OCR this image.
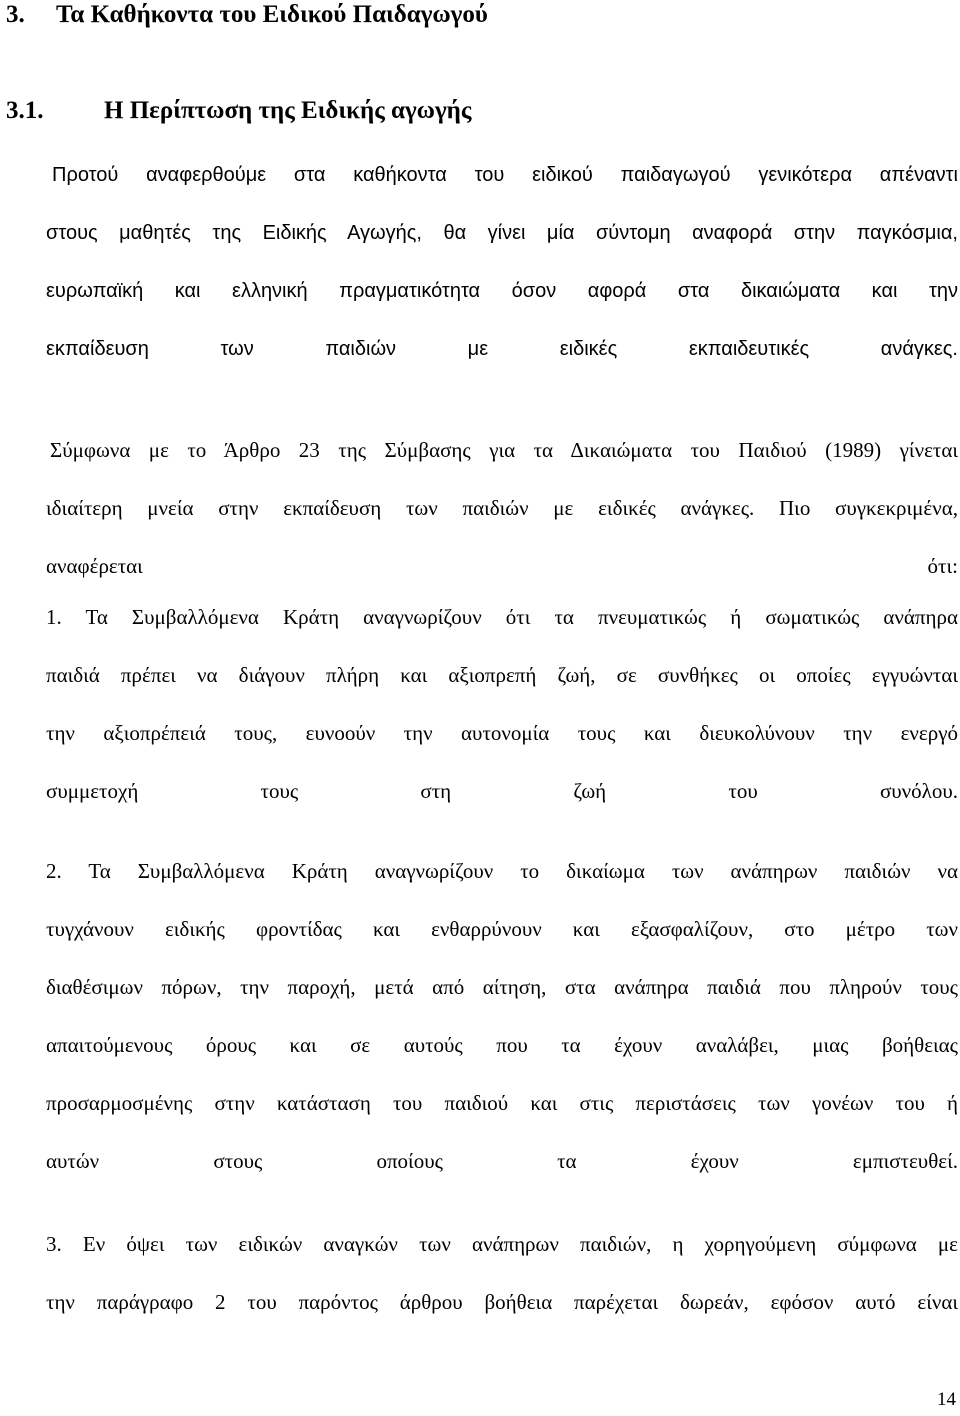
3. Τα Καθήκοντα του Ειδικού Παιδαγωγού
3.1. Η Περίπτωση της Ειδικής αγωγής
Προτού αναφερθούμε στα καθήκοντα του ειδικού παιδαγωγού γενικότερα απέναντι
στους μαθητές της Ειδικής Αγωγής, θα γίνει μία σύντομη αναφορά στην παγκόσμια,
ευρωπαϊκή και ελληνική πραγματικότητα όσον αφορά στα δικαιώματα και την
εκπαίδευση των παιδιών με ειδικές εκπαιδευτικές ανάγκες.
Σύμφωνα με το Άρθρο 23 της Σύμβασης για τα Δικαιώματα του Παιδιού (1989) γίνεται
ιδιαίτερη μνεία στην εκπαίδευση των παιδιών με ειδικές ανάγκες. Πιο συγκεκριμένα,
αναφέρεται ότι:
1. Τα Συμβαλλόμενα Κράτη αναγνωρίζουν ότι τα πνευματικώς ή σωματικώς ανάπηρα
παιδιά πρέπει να διάγουν πλήρη και αξιοπρεπή ζωή, σε συνθήκες οι οποίες εγγυώνται
την αξιοπρέπειά τους, ευνοούν την αυτονομία τους και διευκολύνουν την ενεργό
συμμετοχή τους στη ζωή του συνόλου.
2. Τα Συμβαλλόμενα Κράτη αναγνωρίζουν το δικαίωμα των ανάπηρων παιδιών να
τυγχάνουν ειδικής φροντίδας και ενθαρρύνουν και εξασφαλίζουν, στο μέτρο των
διαθέσιμων πόρων, την παροχή, μετά από αίτηση, στα ανάπηρα παιδιά που πληρούν τους
απαιτούμενους όρους και σε αυτούς που τα έχουν αναλάβει, μιας βοήθειας
προσαρμοσμένης στην κατάσταση του παιδιού και στις περιστάσεις των γονέων του ή
αυτών στους οποίους τα έχουν εμπιστευθεί.
3. Εν όψει των ειδικών αναγκών των ανάπηρων παιδιών, η χορηγούμενη σύμφωνα με
την παράγραφο 2 του παρόντος άρθρου βοήθεια παρέχεται δωρεάν, εφόσον αυτό είναι
14
